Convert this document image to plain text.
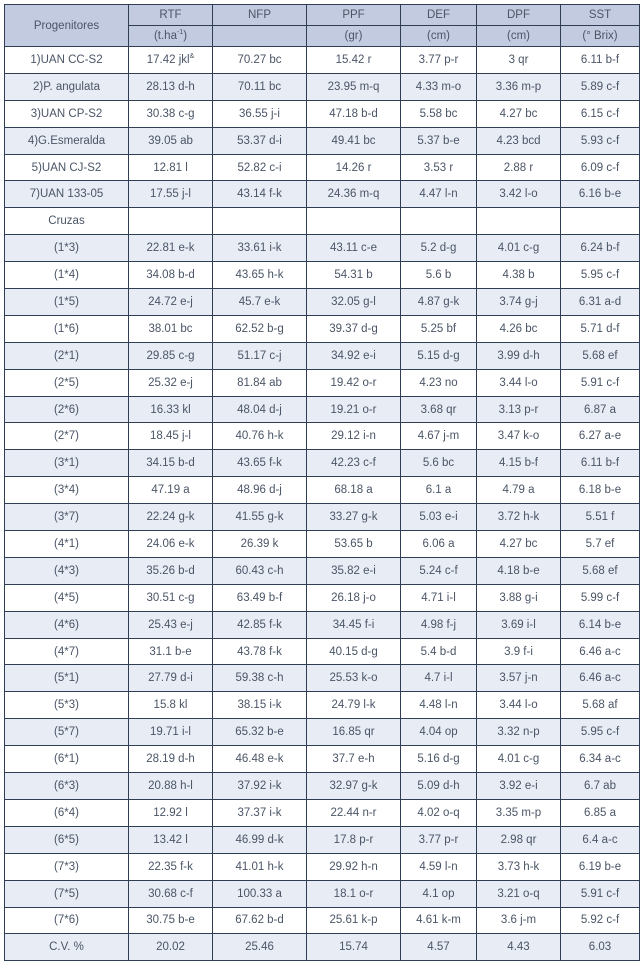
Progenitores	RTF	NFP	PPF	DEF	DPF	SST
	$(t.ha^{-1})$		(gr)	(cm)	(cm)	(° Brix)
1)UAN CC-S2	17.42 jkl&	70.27 bc	15.42 r	3.77 p-r	3 qr	6.11 b-f
2)P. angulata	28.13 d-h	70.11 bc	23.95 m-q	4.33 m-o	3.36 m-p	5.89 c-f
3)UAN CP-S2	30.38 c-g	36.55 j-i	47.18 b-d	5.58 bc	4.27 bc	6.15 c-f
4)G.Esmeralda	39.05 ab	53.37 d-i	49.41 bc	5.37 b-e	4.23 bcd	5.93 c-f
5)UAN CJ-S2	12.81 l	52.82 c-i	14.26 r	3.53 r	2.88 r	6.09 c-f
7)UAN 133-05	17.55 j-l	43.14 f-k	24.36 m-q	4.47 l-n	3.42 l-o	6.16 b-e
Cruzas						
(1*3)	22.81 e-k	33.61 i-k	43.11 c-e	5.2 d-g	4.01 c-g	6.24 b-f
(1*4)	34.08 b-d	43.65 h-k	54.31 b	5.6 b	4.38 b	5.95 c-f
(1*5)	24.72 e-j	45.7 e-k	32.05 g-l	4.87 g-k	3.74 g-j	6.31 a-d
(1*6)	38.01 bc	62.52 b-g	39.37 d-g	5.25 bf	4.26 bc	5.71 d-f
(2*1)	29.85 c-g	51.17 c-j	34.92 e-i	5.15 d-g	3.99 d-h	5.68 ef
(2*5)	25.32 e-j	81.84 ab	19.42 o-r	4.23 no	3.44 l-o	5.91 c-f
(2*6)	16.33 kl	48.04 d-j	19.21 o-r	3.68 qr	3.13 p-r	6.87 a
(2*7)	18.45 j-l	40.76 h-k	29.12 i-n	4.67 j-m	3.47 k-o	6.27 a-e
(3*1)	34.15 b-d	43.65 f-k	42.23 c-f	5.6 bc	4.15 b-f	6.11 b-f
(3*4)	47.19 a	48.96 d-j	68.18 a	6.1 a	4.79 a	6.18 b-e
(3*7)	22.24 g-k	41.55 g-k	33.27 g-k	5.03 e-i	3.72 h-k	5.51 f
(4*1)	24.06 e-k	26.39 k	53.65 b	6.06 a	4.27 bc	5.7 ef
(4*3)	35.26 b-d	60.43 c-h	35.82 e-i	5.24 c-f	4.18 b-e	5.68 ef
(4*5)	30.51 c-g	63.49 b-f	26.18 j-o	4.71 i-l	3.88 g-i	5.99 c-f
(4*6)	25.43 e-j	42.85 f-k	34.45 f-i	4.98 f-j	3.69 i-l	6.14 b-e
(4*7)	31.1 b-e	43.78 f-k	40.15 d-g	5.4 b-d	3.9 f-i	6.46 a-c
(5*1)	27.79 d-i	59.38 c-h	25.53 k-o	4.7 i-l	3.57 j-n	6.46 a-c
(5*3)	15.8 kl	38.15 i-k	24.79 l-k	4.48 l-n	3.44 l-o	5.68 af
(5*7)	19.71 i-l	65.32 b-e	16.85 qr	4.04 op	3.32 n-p	5.95 c-f
(6*1)	28.19 d-h	46.48 e-k	37.7 e-h	5.16 d-g	4.01 c-g	6.34 a-c
(6*3)	20.88 h-l	37.92 i-k	32.97 g-k	5.09 d-h	3.92 e-i	6.7 ab
(6*4)	12.92 l	37.37 i-k	22.44 n-r	4.02 o-q	3.35 m-p	6.85 a
(6*5)	13.42 l	46.99 d-k	17.8 p-r	3.77 p-r	2.98 qr	6.4 a-c
(7*3)	22.35 f-k	41.01 h-k	29.92 h-n	4.59 l-n	3.73 h-k	6.19 b-e
(7*5)	30.68 c-f	100.33 a	18.1 o-r	4.1 op	3.21 o-q	5.91 c-f
(7*6)	30.75 b-e	67.62 b-d	25.61 k-p	4.61 k-m	3.6 j-m	5.92 c-f
C.V. %	20.02	25.46	15.74	4.57	4.43	6.03
